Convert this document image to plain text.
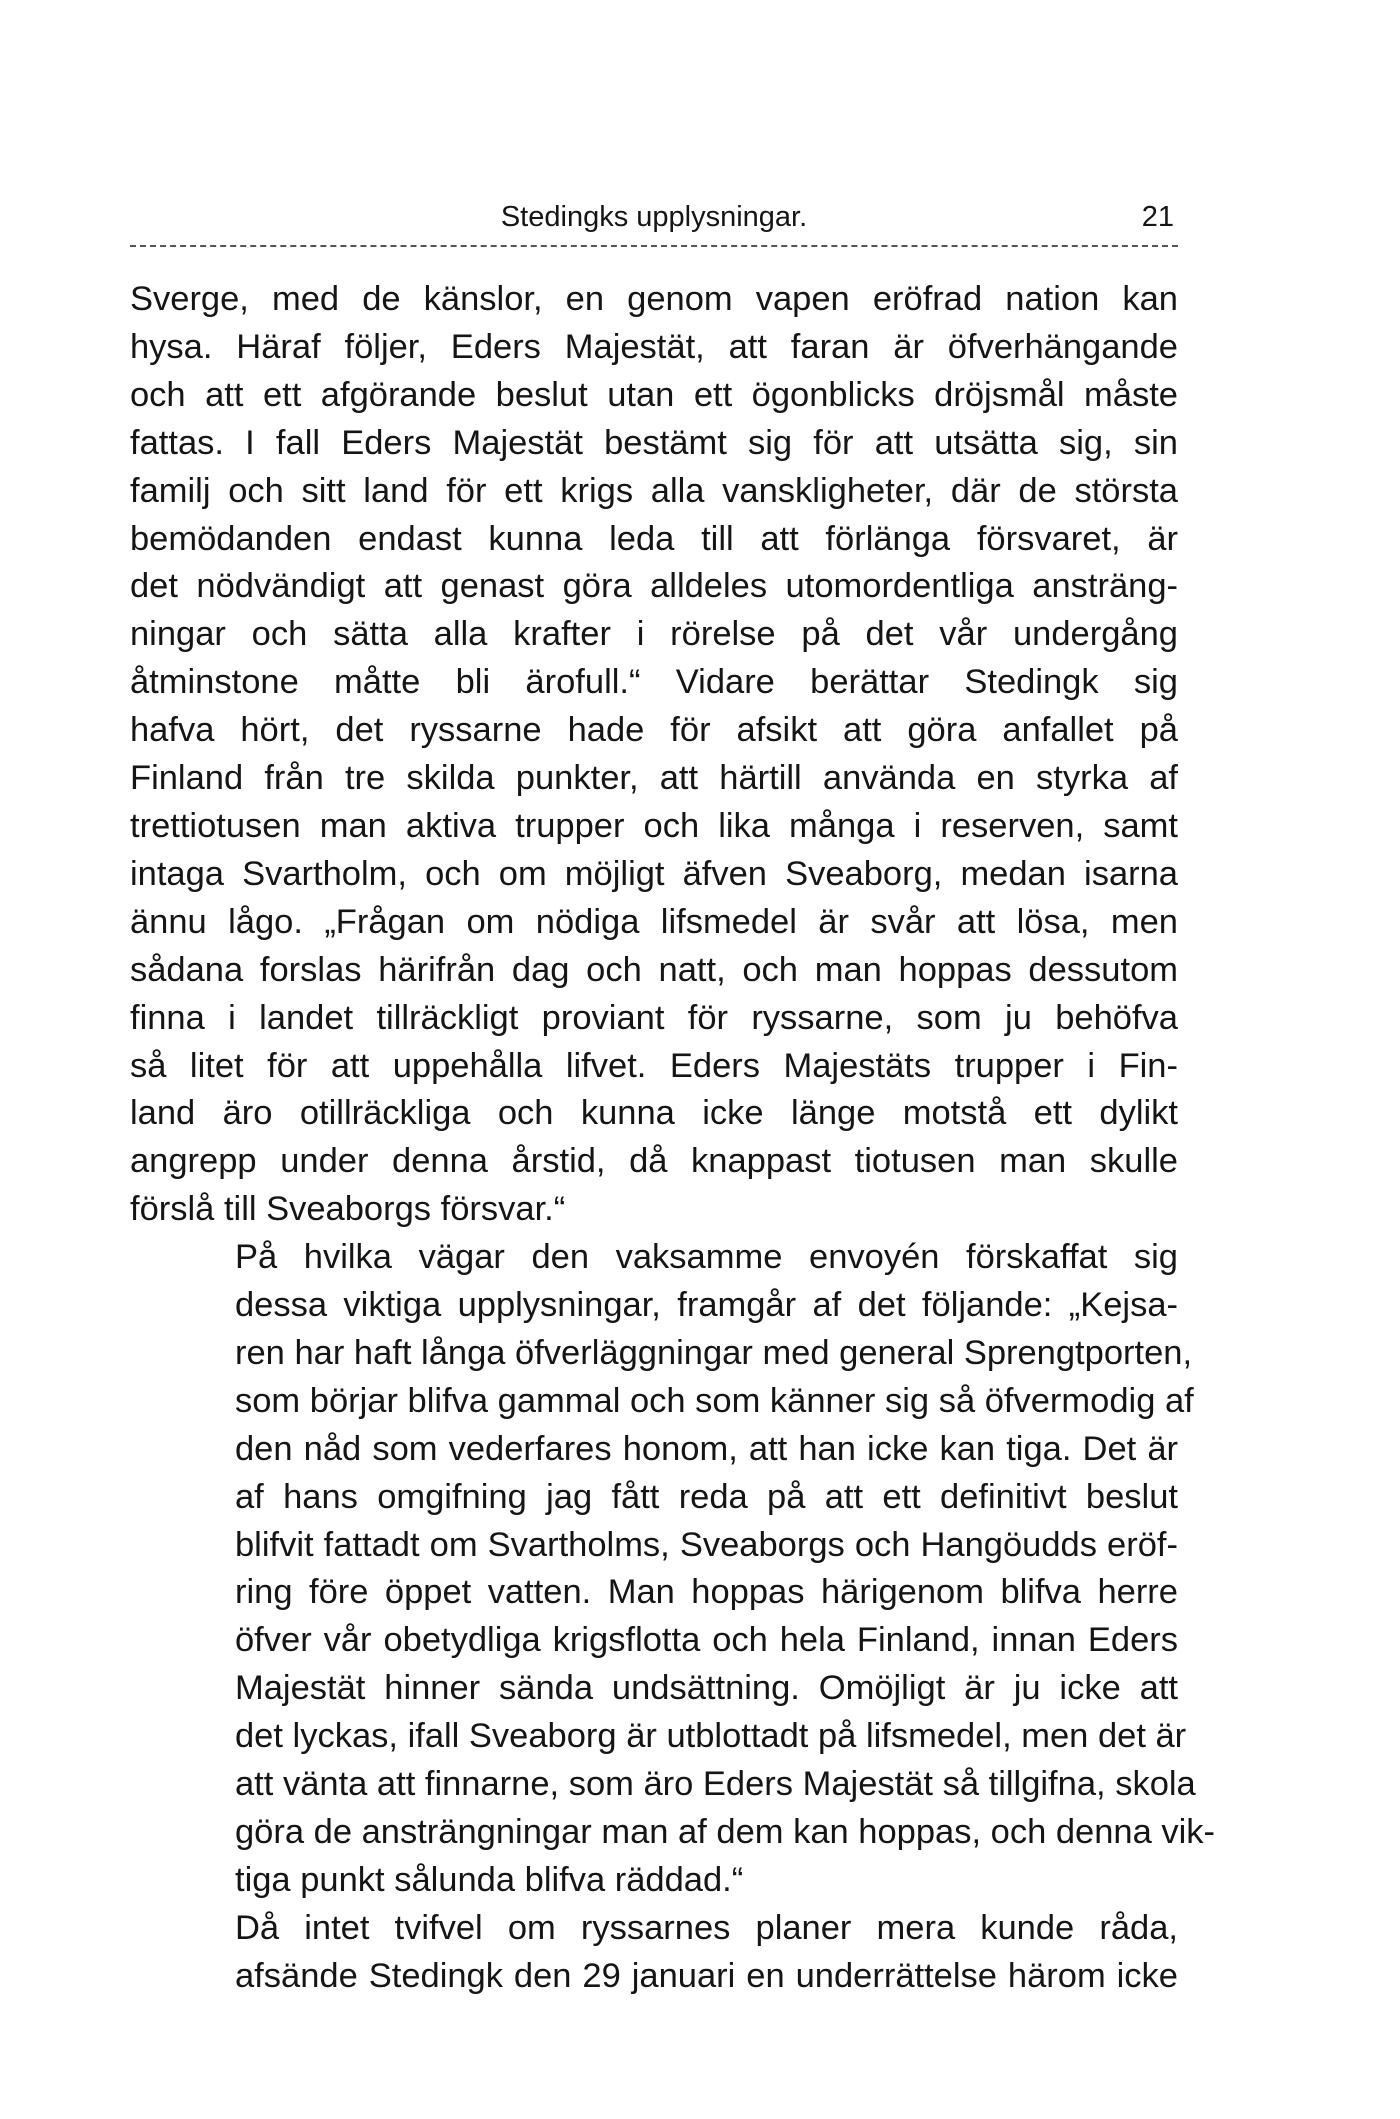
Stedingks upplysningar.	21
Sverge, med de känslor, en genom vapen eröfrad nation kan
hysa. Häraf följer, Eders Majestät, att faran är öfverhängande
och att ett afgörande beslut utan ett ögonblicks dröjsmål måste
fattas. I fall Eders Majestät bestämt sig för att utsätta sig, sin
familj och sitt land för ett krigs alla vanskligheter, där de största
bemödanden endast kunna leda till att förlänga försvaret, är
det nödvändigt att genast göra alldeles utomordentliga ansträng-
ningar och sätta alla krafter i rörelse på det vår undergång
åtminstone måtte bli ärofull.“ Vidare berättar Stedingk sig
hafva hört, det ryssarne hade för afsikt att göra anfallet på
Finland från tre skilda punkter, att härtill använda en styrka af
trettiotusen man aktiva trupper och lika många i reserven, samt
intaga Svartholm, och om möjligt äfven Sveaborg, medan isarna
ännu lågo. „Frågan om nödiga lifsmedel är svår att lösa, men
sådana forslas härifrån dag och natt, och man hoppas dessutom
finna i landet tillräckligt proviant för ryssarne, som ju behöfva
så litet för att uppehålla lifvet. Eders Majestäts trupper i Fin-
land äro otillräckliga och kunna icke länge motstå ett dylikt
angrepp under denna årstid, då knappast tiotusen man skulle
förslå till Sveaborgs försvar.“
På hvilka vägar den vaksamme envoyén förskaffat sig
dessa viktiga upplysningar, framgår af det följande: „Kejsa-
ren har haft långa öfverläggningar med general Sprengtporten,
som börjar blifva gammal och som känner sig så öfvermodig af
den nåd som vederfares honom, att han icke kan tiga. Det är
af hans omgifning jag fått reda på att ett definitivt beslut
blifvit fattadt om Svartholms, Sveaborgs och Hangöudds eröf-
ring före öppet vatten. Man hoppas härigenom blifva herre
öfver vår obetydliga krigsflotta och hela Finland, innan Eders
Majestät hinner sända undsättning. Omöjligt är ju icke att
det lyckas, ifall Sveaborg är utblottadt på lifsmedel, men det är
att vänta att finnarne, som äro Eders Majestät så tillgifna, skola
göra de ansträngningar man af dem kan hoppas, och denna vik-
tiga punkt sålunda blifva räddad.“
Då intet tvifvel om ryssarnes planer mera kunde råda,
afsände Stedingk den 29 januari en underrättelse härom icke
